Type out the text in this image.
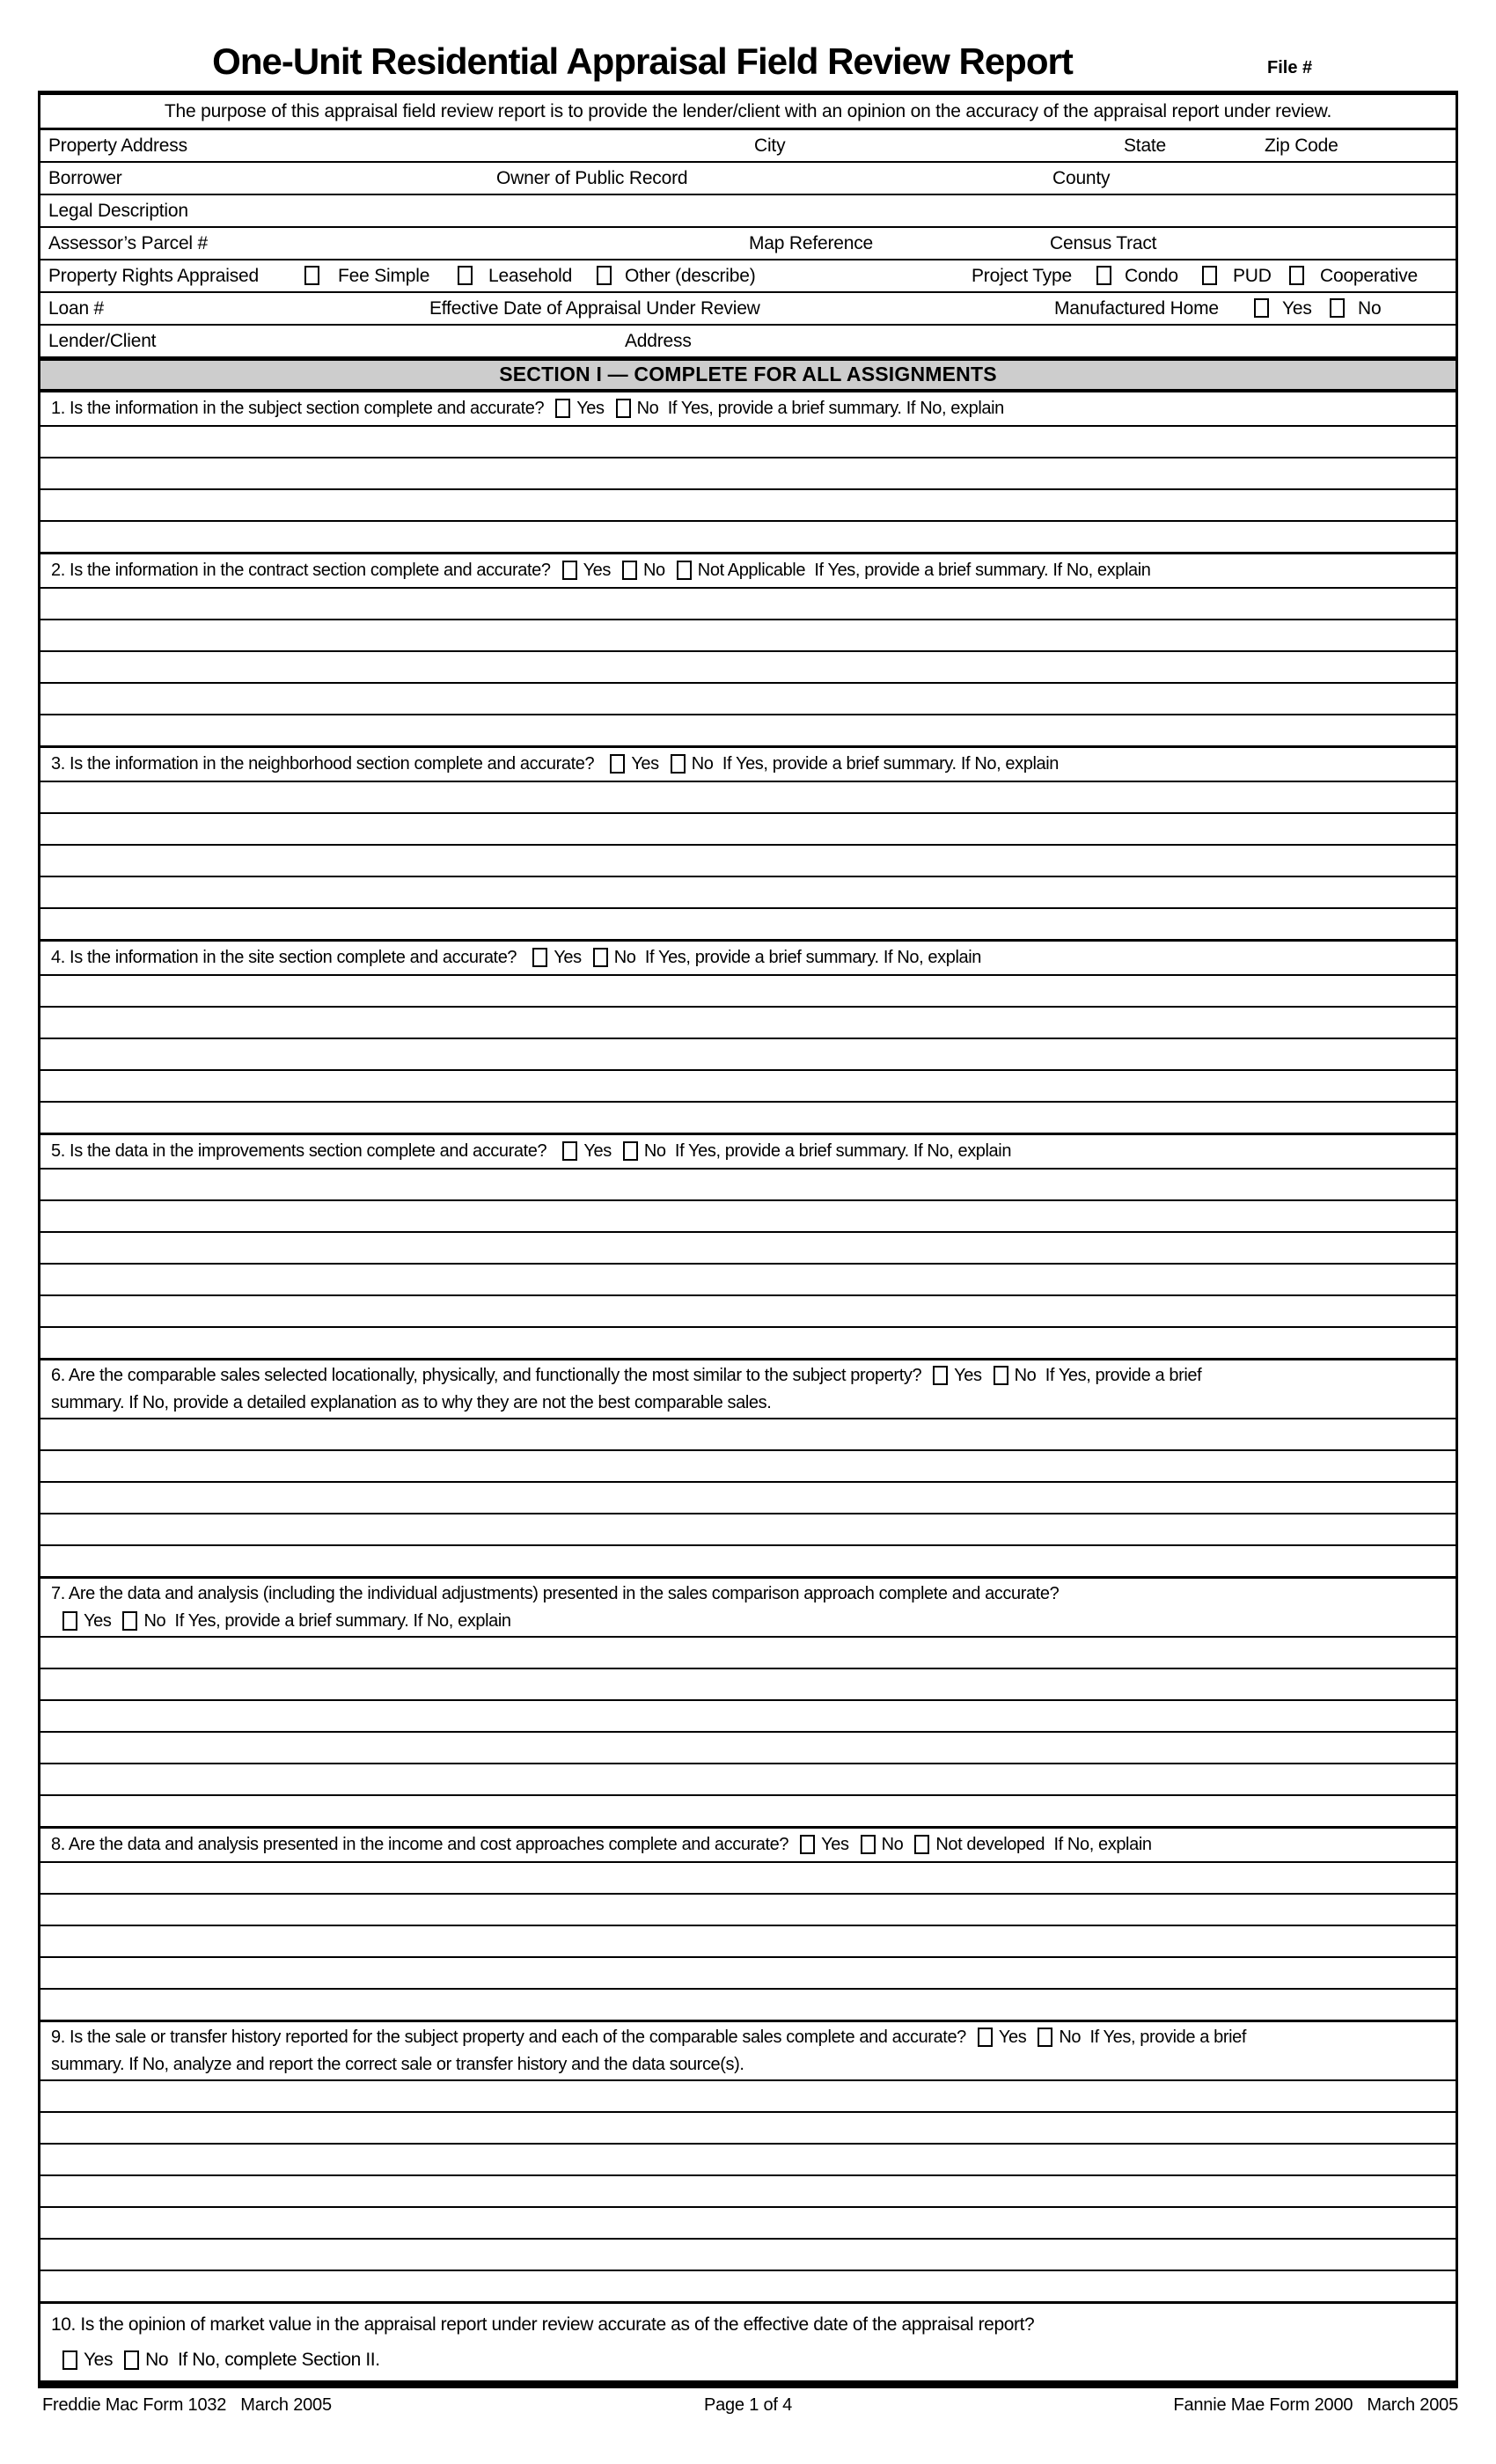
One-Unit Residential Appraisal Field Review Report	File #
The purpose of this appraisal field review report is to provide the lender/client with an opinion on the accuracy of the appraisal report under review.
Property Address	City	State	Zip Code
Borrower	Owner of Public Record	County
Legal Description
Assessor’s Parcel #	Map Reference	Census Tract
Property Rights Appraised	Fee Simple	Leasehold	Other (describe)	Project Type	Condo	PUD	Cooperative
Loan #	Effective Date of Appraisal Under Review	Manufactured Home	Yes No
Lender/Client	Address
SECTION I — COMPLETE FOR ALL ASSIGNMENTS
1. Is the information in the subject section complete and accurate? Yes No  If Yes, provide a brief summary. If No, explain
2. Is the information in the contract section complete and accurate? Yes No Not Applicable  If Yes, provide a brief summary. If No, explain
3. Is the information in the neighborhood section complete and accurate? Yes No  If Yes, provide a brief summary. If No, explain
4. Is the information in the site section complete and accurate? Yes No  If Yes, provide a brief summary. If No, explain
5. Is the data in the improvements section complete and accurate? Yes No  If Yes, provide a brief summary. If No, explain
6. Are the comparable sales selected locationally, physically, and functionally the most similar to the subject property? Yes No  If Yes, provide a brief
summary. If No, provide a detailed explanation as to why they are not the best comparable sales.
7. Are the data and analysis (including the individual adjustments) presented in the sales comparison approach complete and accurate?
Yes No  If Yes, provide a brief summary. If No, explain
8. Are the data and analysis presented in the income and cost approaches complete and accurate? Yes No Not developed  If No, explain
9. Is the sale or transfer history reported for the subject property and each of the comparable sales complete and accurate? Yes No  If Yes, provide a brief
summary. If No, analyze and report the correct sale or transfer history and the data source(s).
10. Is the opinion of market value in the appraisal report under review accurate as of the effective date of the appraisal report?
Yes No  If No, complete Section II.
Freddie Mac Form 1032   March 2005	Page 1 of 4	Fannie Mae Form 2000   March 2005
